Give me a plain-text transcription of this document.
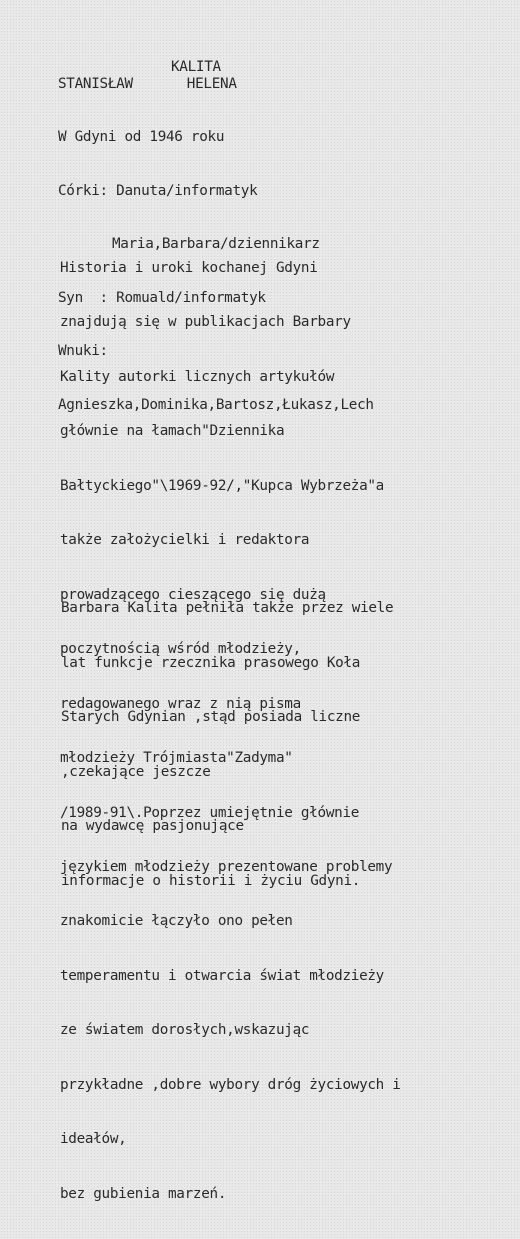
KALITA
STANISŁAW	HELENA

W Gdyni od 1946 roku

Córki: Danuta/informatyk

Maria,Barbara/dziennikarz

Syn  : Romuald/informatyk

Wnuki:

Agnieszka,Dominika,Bartosz,Łukasz,Lech

Historia i uroki kochanej Gdyni

znajdują się w publikacjach Barbary

Kality autorki licznych artykułów

głównie na łamach"Dziennika

Bałtyckiego"\1969-92/,"Kupca Wybrzeża"a

także założycielki i redaktora

prowadzącego cieszącego się dużą

poczytnością wśród młodzieży,

redagowanego wraz z nią pisma

młodzieży Trójmiasta"Zadyma"

/1989-91\.Poprzez umiejętnie głównie

językiem młodzieży prezentowane problemy

znakomicie łączyło ono pełen

temperamentu i otwarcia świat młodzieży

ze światem dorosłych,wskazując

przykładne ,dobre wybory dróg życiowych i

ideałów,

bez gubienia marzeń.

Barbara Kalita pełniła także przez wiele

lat funkcje rzecznika prasowego Koła

Starych Gdynian ,stąd posiada liczne

,czekające jeszcze

na wydawcę pasjonujące

informacje o historii i życiu Gdyni.
